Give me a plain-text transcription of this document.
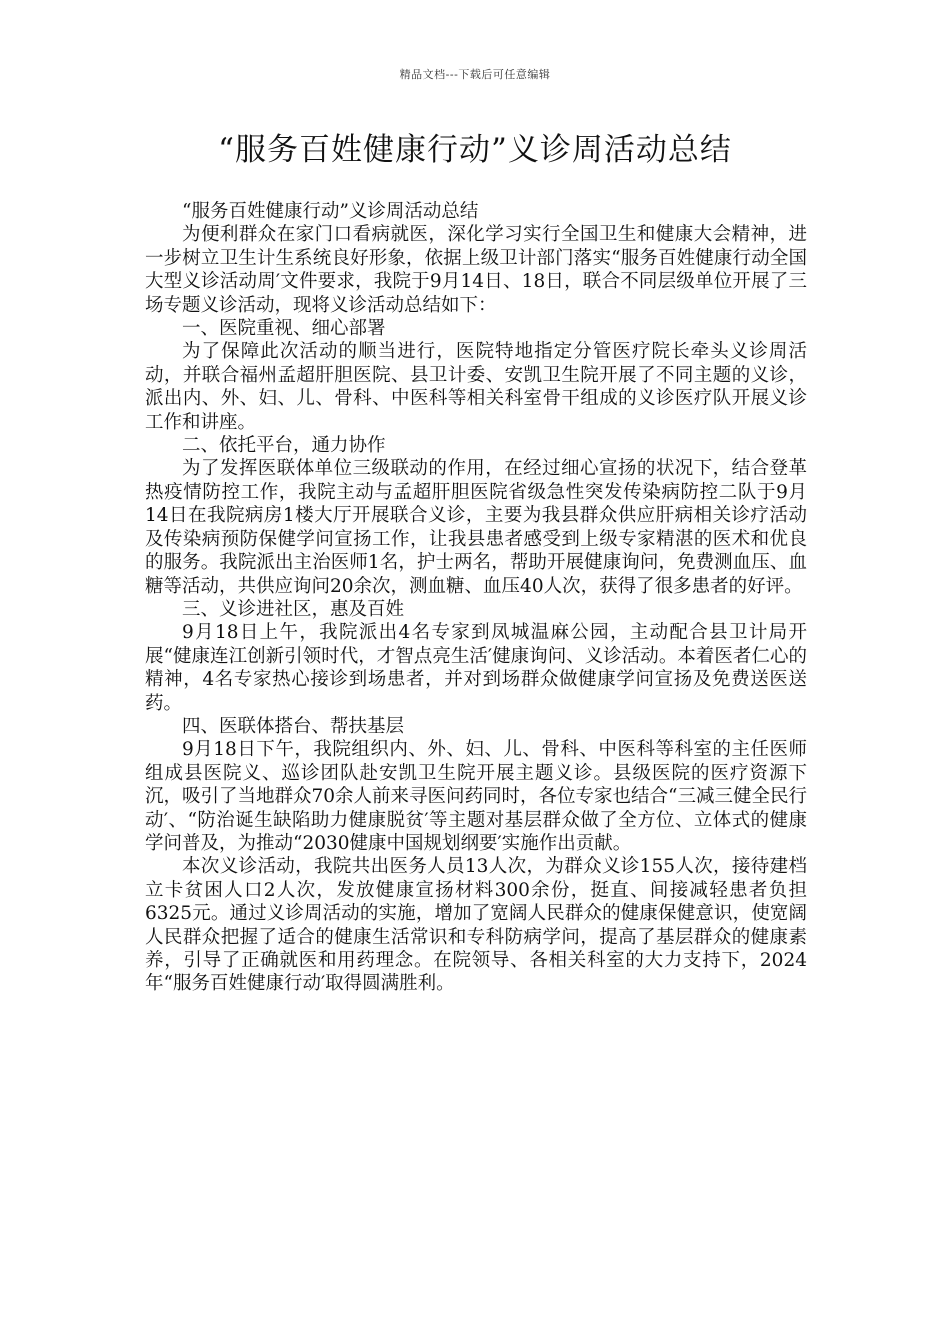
精品文档---下载后可任意编辑
“服务百姓健康行动”义诊周活动总结

“服务百姓健康行动”义诊周活动总结

为便利群众在家门口看病就医，深化学习实行全国卫生和健康大会精神，进一步树立卫生计生系统良好形象，依据上级卫计部门落实“服务百姓健康行动全国大型义诊活动周′文件要求，我院于9月14日、18日，联合不同层级单位开展了三场专题义诊活动，现将义诊活动总结如下：

一、医院重视、细心部署

为了保障此次活动的顺当进行，医院特地指定分管医疗院长牵头义诊周活动，并联合福州孟超肝胆医院、县卫计委、安凯卫生院开展了不同主题的义诊，派出内、外、妇、儿、骨科、中医科等相关科室骨干组成的义诊医疗队开展义诊工作和讲座。

二、依托平台，通力协作

为了发挥医联体单位三级联动的作用，在经过细心宣扬的状况下，结合登革热疫情防控工作，我院主动与孟超肝胆医院省级急性突发传染病防控二队于9月14日在我院病房1楼大厅开展联合义诊，主要为我县群众供应肝病相关诊疗活动及传染病预防保健学问宣扬工作，让我县患者感受到上级专家精湛的医术和优良的服务。我院派出主治医师1名，护士两名，帮助开展健康询问，免费测血压、血糖等活动，共供应询问20余次，测血糖、血压40人次，获得了很多患者的好评。

三、义诊进社区，惠及百姓

9月18日上午，我院派出4名专家到凤城温麻公园，主动配合县卫计局开展“健康连江创新引领时代，才智点亮生活′健康询问、义诊活动。本着医者仁心的精神，4名专家热心接诊到场患者，并对到场群众做健康学问宣扬及免费送医送药。

四、医联体搭台、帮扶基层

9月18日下午，我院组织内、外、妇、儿、骨科、中医科等科室的主任医师组成县医院义、巡诊团队赴安凯卫生院开展主题义诊。县级医院的医疗资源下沉，吸引了当地群众70余人前来寻医问药同时，各位专家也结合“三减三健全民行动′、“防治诞生缺陷助力健康脱贫′等主题对基层群众做了全方位、立体式的健康学问普及，为推动“2030健康中国规划纲要′实施作出贡献。

本次义诊活动，我院共出医务人员13人次，为群众义诊155人次，接待建档立卡贫困人口2人次，发放健康宣扬材料300余份，挺直、间接减轻患者负担6325元。通过义诊周活动的实施，增加了宽阔人民群众的健康保健意识，使宽阔人民群众把握了适合的健康生活常识和专科防病学问，提高了基层群众的健康素养，引导了正确就医和用药理念。在院领导、各相关科室的大力支持下，2024年“服务百姓健康行动′取得圆满胜利。
